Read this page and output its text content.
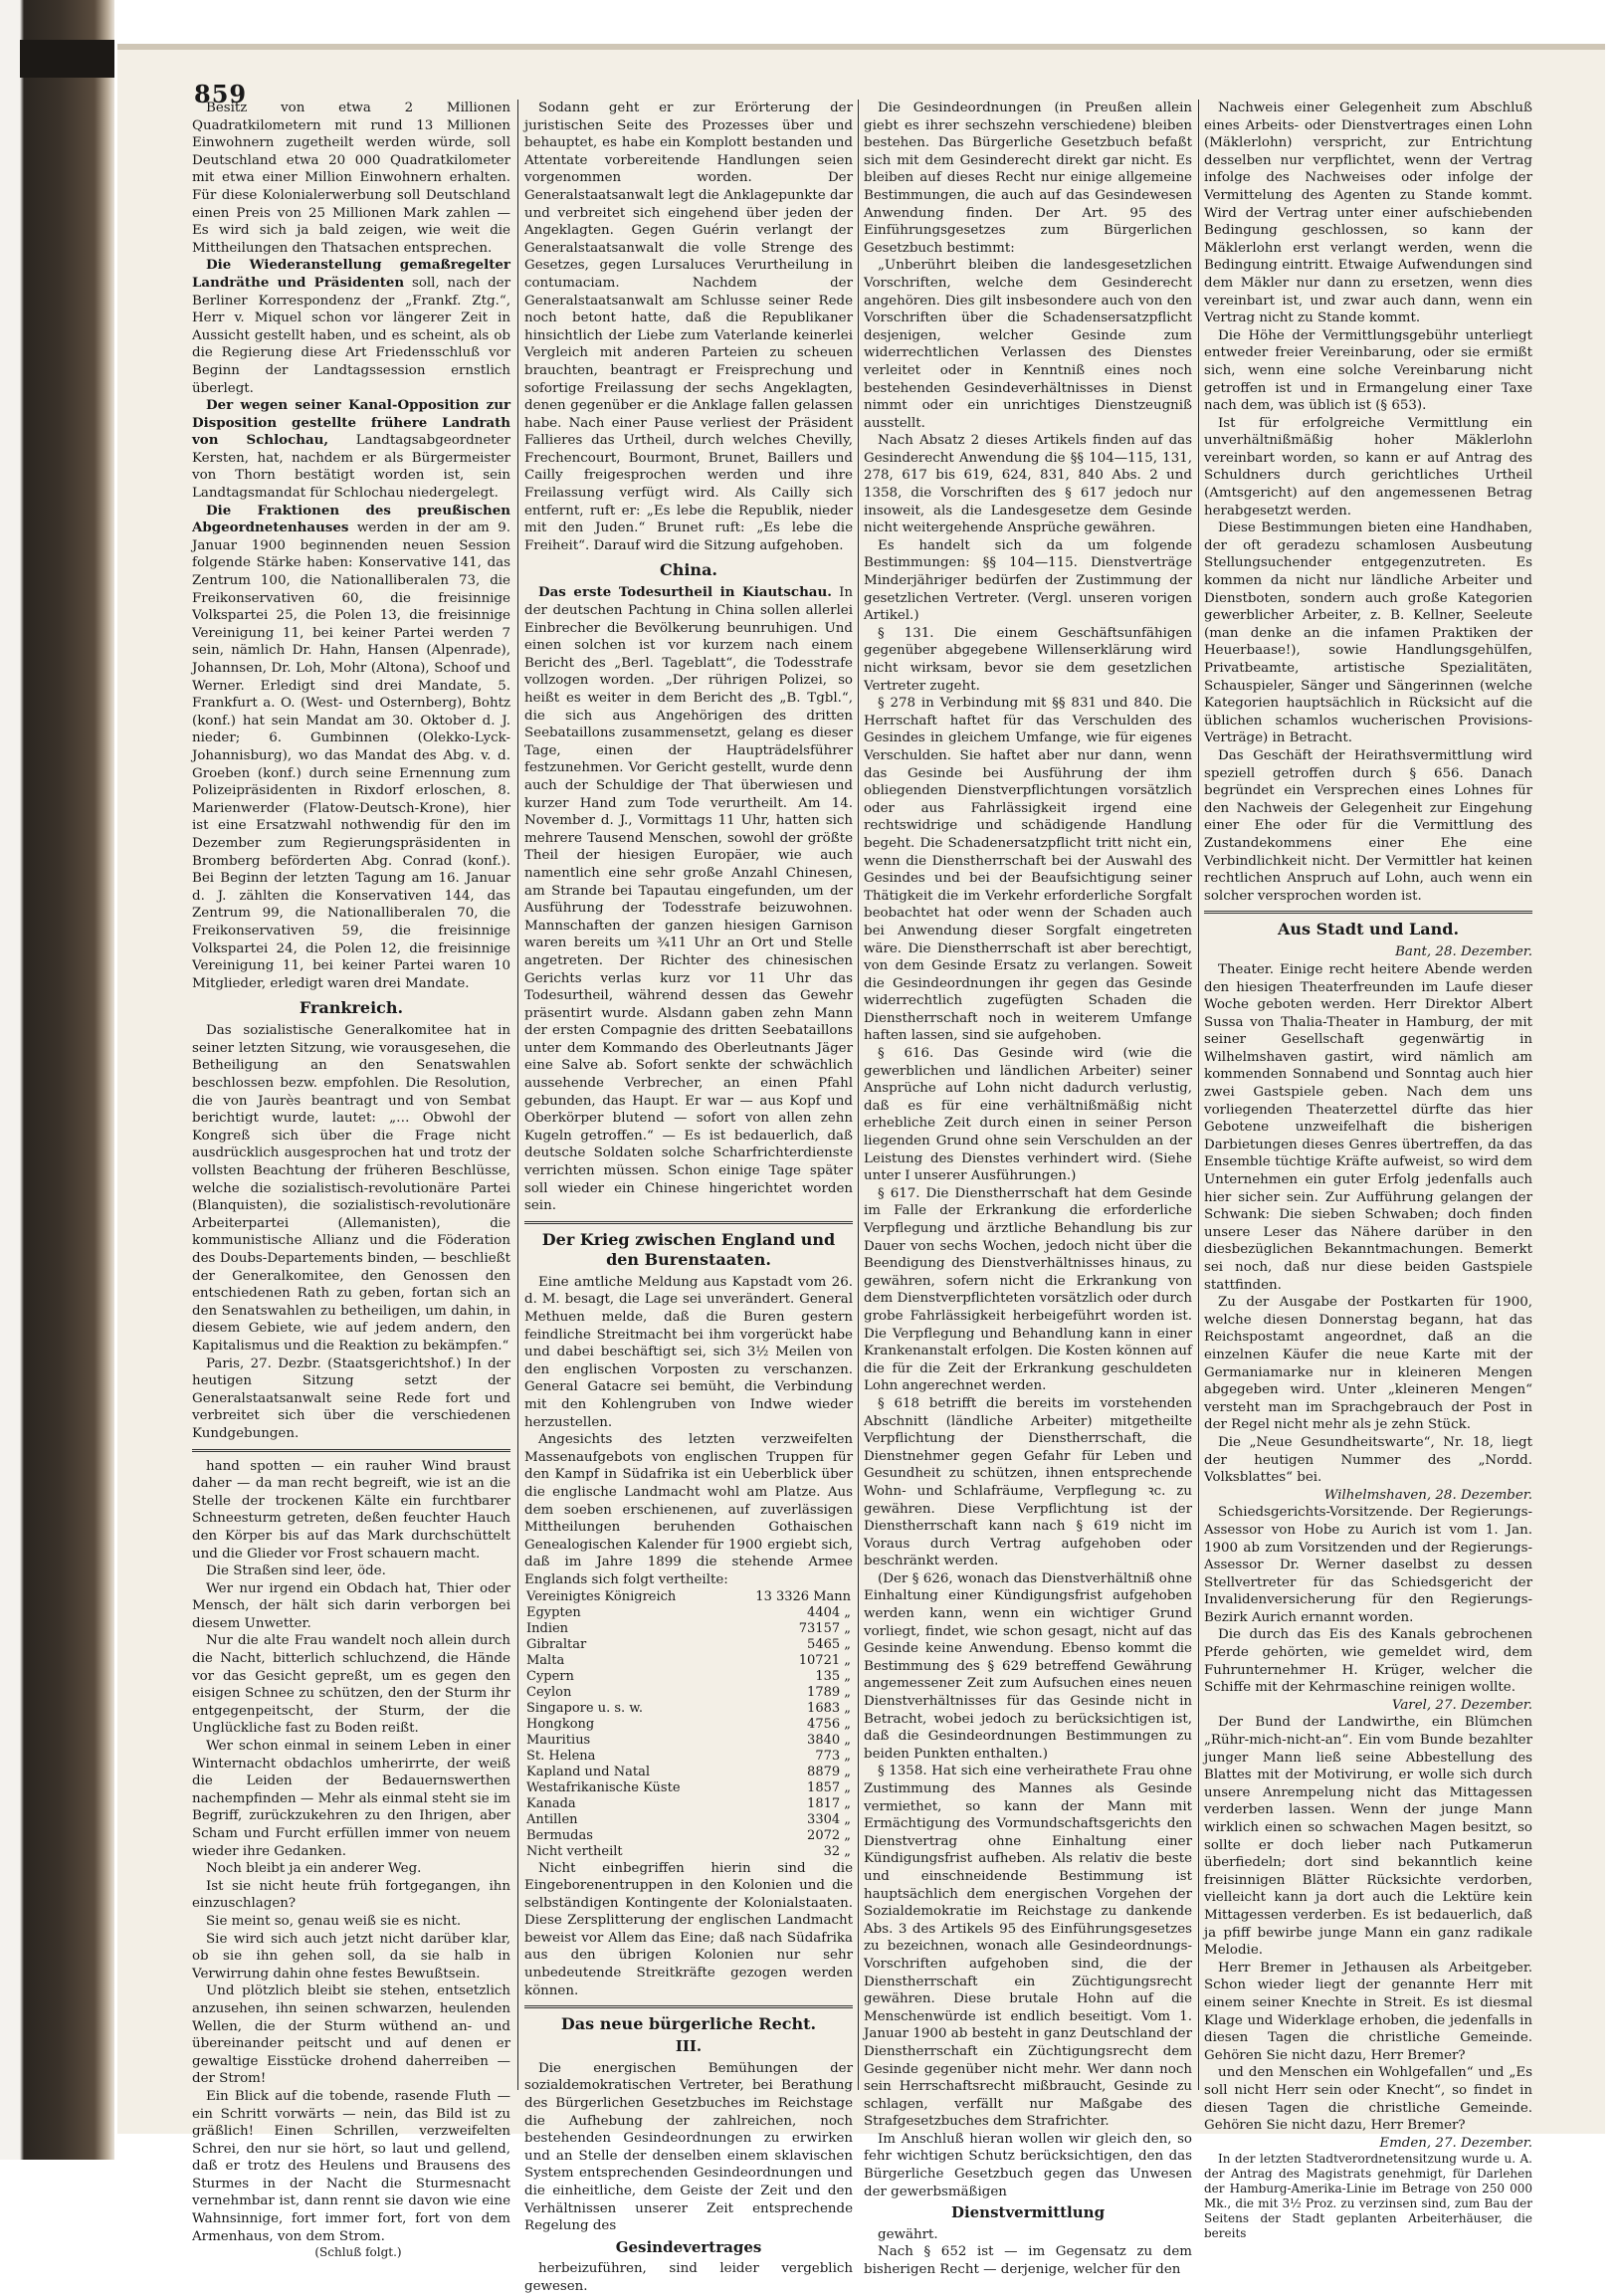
859

Besitz von etwa 2 Millionen Quadratkilometern mit rund 13 Millionen Einwohnern zugetheilt werden würde, soll Deutschland etwa 20 000 Quadratkilometer mit etwa einer Million Einwohnern erhalten. Für diese Kolonialerwerbung soll Deutschland einen Preis von 25 Millionen Mark zahlen — Es wird sich ja bald zeigen, wie weit die Mittheilungen den Thatsachen entsprechen.

Die Wiederanstellung gemaßregelter Landräthe und Präsidenten soll, nach der Berliner Korrespondenz der „Frankf. Ztg.“, Herr v. Miquel schon vor längerer Zeit in Aussicht gestellt haben, und es scheint, als ob die Regierung diese Art Friedensschluß vor Beginn der Landtagssession ernstlich überlegt.

Der wegen seiner Kanal-Opposition zur Disposition gestellte frühere Landrath von Schlochau, Landtagsabgeordneter Kersten, hat, nachdem er als Bürgermeister von Thorn bestätigt worden ist, sein Landtagsmandat für Schlochau niedergelegt.

Die Fraktionen des preußischen Abgeordnetenhauses werden in der am 9. Januar 1900 beginnenden neuen Session folgende Stärke haben: Konservative 141, das Zentrum 100, die Nationalliberalen 73, die Freikonservativen 60, die freisinnige Volkspartei 25, die Polen 13, die freisinnige Vereinigung 11, bei keiner Partei werden 7 sein, nämlich Dr. Hahn, Hansen (Alpenrade), Johannsen, Dr. Loh, Mohr (Altona), Schoof und Werner. Erledigt sind drei Mandate, 5. Frankfurt a. O. (West- und Osternberg), Bohtz (konf.) hat sein Mandat am 30. Oktober d. J. nieder; 6. Gumbinnen (Olekko-Lyck-Johannisburg), wo das Mandat des Abg. v. d. Groeben (konf.) durch seine Ernennung zum Polizeipräsidenten in Rixdorf erloschen, 8. Marienwerder (Flatow-Deutsch-Krone), hier ist eine Ersatzwahl nothwendig für den im Dezember zum Regierungspräsidenten in Bromberg beförderten Abg. Conrad (konf.). Bei Beginn der letzten Tagung am 16. Januar d. J. zählten die Konservativen 144, das Zentrum 99, die Nationalliberalen 70, die Freikonservativen 59, die freisinnige Volkspartei 24, die Polen 12, die freisinnige Vereinigung 11, bei keiner Partei waren 10 Mitglieder, erledigt waren drei Mandate.

Frankreich.

Das sozialistische Generalkomitee hat in seiner letzten Sitzung, wie vorausgesehen, die Betheiligung an den Senatswahlen beschlossen bezw. empfohlen. Die Resolution, die von Jaurès beantragt und von Sembat berichtigt wurde, lautet: „… Obwohl der Kongreß sich über die Frage nicht ausdrücklich ausgesprochen hat und trotz der vollsten Beachtung der früheren Beschlüsse, welche die sozialistisch-revolutionäre Partei (Blanquisten), die sozialistisch-revolutionäre Arbeiterpartei (Allemanisten), die kommunistische Allianz und die Föderation des Doubs-Departements binden, — beschließt der Generalkomitee, den Genossen den entschiedenen Rath zu geben, fortan sich an den Senatswahlen zu betheiligen, um dahin, in diesem Gebiete, wie auf jedem andern, den Kapitalismus und die Reaktion zu bekämpfen.“

Paris, 27. Dezbr. (Staatsgerichtshof.) In der heutigen Sitzung setzt der Generalstaatsanwalt seine Rede fort und verbreitet sich über die verschiedenen Kundgebungen.

hand spotten — ein rauher Wind braust daher — da man recht begreift, wie ist an die Stelle der trockenen Kälte ein furchtbarer Schneesturm getreten, deßen feuchter Hauch den Körper bis auf das Mark durchschüttelt und die Glieder vor Frost schauern macht.

Die Straßen sind leer, öde.

Wer nur irgend ein Obdach hat, Thier oder Mensch, der hält sich darin verborgen bei diesem Unwetter.

Nur die alte Frau wandelt noch allein durch die Nacht, bitterlich schluchzend, die Hände vor das Gesicht gepreßt, um es gegen den eisigen Schnee zu schützen, den der Sturm ihr entgegenpeitscht, der Sturm, der die Unglückliche fast zu Boden reißt.

Wer schon einmal in seinem Leben in einer Winternacht obdachlos umherirrte, der weiß die Leiden der Bedauernswerthen nachempfinden — Mehr als einmal steht sie im Begriff, zurückzukehren zu den Ihrigen, aber Scham und Furcht erfüllen immer von neuem wieder ihre Gedanken.

Noch bleibt ja ein anderer Weg.

Ist sie nicht heute früh fortgegangen, ihn einzuschlagen?

Sie meint so, genau weiß sie es nicht.

Sie wird sich auch jetzt nicht darüber klar, ob sie ihn gehen soll, da sie halb in Verwirrung dahin ohne festes Bewußtsein.

Und plötzlich bleibt sie stehen, entsetzlich anzusehen, ihn seinen schwarzen, heulenden Wellen, die der Sturm wüthend an- und übereinander peitscht und auf denen er gewaltige Eisstücke drohend daherreiben — der Strom!

Ein Blick auf die tobende, rasende Fluth — ein Schritt vorwärts — nein, das Bild ist zu gräßlich! Einen Schrillen, verzweifelten Schrei, den nur sie hört, so laut und gellend, daß er trotz des Heulens und Brausens des Sturmes in der Nacht die Sturmesnacht vernehmbar ist, dann rennt sie davon wie eine Wahnsinnige, fort immer fort, fort von dem Armenhaus, von dem Strom.

(Schluß folgt.)

Sodann geht er zur Erörterung der juristischen Seite des Prozesses über und behauptet, es habe ein Komplott bestanden und Attentate vorbereitende Handlungen seien vorgenommen worden. Der Generalstaatsanwalt legt die Anklagepunkte dar und verbreitet sich eingehend über jeden der Angeklagten. Gegen Guérin verlangt der Generalstaatsanwalt die volle Strenge des Gesetzes, gegen Lursaluces Verurtheilung in contumaciam. Nachdem der Generalstaatsanwalt am Schlusse seiner Rede noch betont hatte, daß die Republikaner hinsichtlich der Liebe zum Vaterlande keinerlei Vergleich mit anderen Parteien zu scheuen brauchten, beantragt er Freisprechung und sofortige Freilassung der sechs Angeklagten, denen gegenüber er die Anklage fallen gelassen habe. Nach einer Pause verliest der Präsident Fallieres das Urtheil, durch welches Chevilly, Frechencourt, Bourmont, Brunet, Baillers und Cailly freigesprochen werden und ihre Freilassung verfügt wird. Als Cailly sich entfernt, ruft er: „Es lebe die Republik, nieder mit den Juden.“ Brunet ruft: „Es lebe die Freiheit“. Darauf wird die Sitzung aufgehoben.

China.

Das erste Todesurtheil in Kiautschau. In der deutschen Pachtung in China sollen allerlei Einbrecher die Bevölkerung beunruhigen. Und einen solchen ist vor kurzem nach einem Bericht des „Berl. Tageblatt“, die Todesstrafe vollzogen worden. „Der rührigen Polizei, so heißt es weiter in dem Bericht des „B. Tgbl.“, die sich aus Angehörigen des dritten Seebataillons zusammensetzt, gelang es dieser Tage, einen der Haupträdelsführer festzunehmen. Vor Gericht gestellt, wurde denn auch der Schuldige der That überwiesen und kurzer Hand zum Tode verurtheilt. Am 14. November d. J., Vormittags 11 Uhr, hatten sich mehrere Tausend Menschen, sowohl der größte Theil der hiesigen Europäer, wie auch namentlich eine sehr große Anzahl Chinesen, am Strande bei Tapautau eingefunden, um der Ausführung der Todesstrafe beizuwohnen. Mannschaften der ganzen hiesigen Garnison waren bereits um ¾11 Uhr an Ort und Stelle angetreten. Der Richter des chinesischen Gerichts verlas kurz vor 11 Uhr das Todesurtheil, während dessen das Gewehr präsentirt wurde. Alsdann gaben zehn Mann der ersten Compagnie des dritten Seebataillons unter dem Kommando des Oberleutnants Jäger eine Salve ab. Sofort senkte der schwächlich aussehende Verbrecher, an einen Pfahl gebunden, das Haupt. Er war — aus Kopf und Oberkörper blutend — sofort von allen zehn Kugeln getroffen.“ — Es ist bedauerlich, daß deutsche Soldaten solche Scharfrichterdienste verrichten müssen. Schon einige Tage später soll wieder ein Chinese hingerichtet worden sein.

Der Krieg zwischen England und den Burenstaaten.

Eine amtliche Meldung aus Kapstadt vom 26. d. M. besagt, die Lage sei unverändert. General Methuen melde, daß die Buren gestern feindliche Streitmacht bei ihm vorgerückt habe und dabei beschäftigt sei, sich 3½ Meilen von den englischen Vorposten zu verschanzen. General Gatacre sei bemüht, die Verbindung mit den Kohlengruben von Indwe wieder herzustellen.

Angesichts des letzten verzweifelten Massenaufgebots von englischen Truppen für den Kampf in Südafrika ist ein Ueberblick über die englische Landmacht wohl am Platze. Aus dem soeben erschienenen, auf zuverlässigen Mittheilungen beruhenden Gothaischen Genealogischen Kalender für 1900 ergiebt sich, daß im Jahre 1899 die stehende Armee Englands sich folgt vertheilte:

Vereinigtes Königreich	13 3326 Mann
Egypten	4404 „
Indien	73157 „
Gibraltar	5465 „
Malta	10721 „
Cypern	135 „
Ceylon	1789 „
Singapore u. s. w.	1683 „
Hongkong	4756 „
Mauritius	3840 „
St. Helena	773 „
Kapland und Natal	8879 „
Westafrikanische Küste	1857 „
Kanada	1817 „
Antillen	3304 „
Bermudas	2072 „
Nicht vertheilt	32 „

Nicht einbegriffen hierin sind die Eingeborenentruppen in den Kolonien und die selbständigen Kontingente der Kolonialstaaten. Diese Zersplitterung der englischen Landmacht beweist vor Allem das Eine; daß nach Südafrika aus den übrigen Kolonien nur sehr unbedeutende Streitkräfte gezogen werden können.

Das neue bürgerliche Recht.
III.

Die energischen Bemühungen der sozialdemokratischen Vertreter, bei Berathung des Bürgerlichen Gesetzbuches im Reichstage die Aufhebung der zahlreichen, noch bestehenden Gesindeordnungen zu erwirken und an Stelle der denselben einem sklavischen System entsprechenden Gesindeordnungen und die einheitliche, dem Geiste der Zeit und den Verhältnissen unserer Zeit entsprechende Regelung des

Gesindevertrages

herbeizuführen, sind leider vergeblich gewesen.

Die Gesindeordnungen (in Preußen allein giebt es ihrer sechszehn verschiedene) bleiben bestehen. Das Bürgerliche Gesetzbuch befaßt sich mit dem Gesinderecht direkt gar nicht. Es bleiben auf dieses Recht nur einige allgemeine Bestimmungen, die auch auf das Gesindewesen Anwendung finden. Der Art. 95 des Einführungsgesetzes zum Bürgerlichen Gesetzbuch bestimmt:

„Unberührt bleiben die landesgesetzlichen Vorschriften, welche dem Gesinderecht angehören. Dies gilt insbesondere auch von den Vorschriften über die Schadensersatzpflicht desjenigen, welcher Gesinde zum widerrechtlichen Verlassen des Dienstes verleitet oder in Kenntniß eines noch bestehenden Gesindeverhältnisses in Dienst nimmt oder ein unrichtiges Dienstzeugniß ausstellt.

Nach Absatz 2 dieses Artikels finden auf das Gesinderecht Anwendung die §§ 104—115, 131, 278, 617 bis 619, 624, 831, 840 Abs. 2 und 1358, die Vorschriften des § 617 jedoch nur insoweit, als die Landesgesetze dem Gesinde nicht weitergehende Ansprüche gewähren.

Es handelt sich da um folgende Bestimmungen: §§ 104—115. Dienstverträge Minderjähriger bedürfen der Zustimmung der gesetzlichen Vertreter. (Vergl. unseren vorigen Artikel.)

§ 131. Die einem Geschäftsunfähigen gegenüber abgegebene Willenserklärung wird nicht wirksam, bevor sie dem gesetzlichen Vertreter zugeht.

§ 278 in Verbindung mit §§ 831 und 840. Die Herrschaft haftet für das Verschulden des Gesindes in gleichem Umfange, wie für eigenes Verschulden. Sie haftet aber nur dann, wenn das Gesinde bei Ausführung der ihm obliegenden Dienstverpflichtungen vorsätzlich oder aus Fahrlässigkeit irgend eine rechtswidrige und schädigende Handlung begeht. Die Schadenersatzpflicht tritt nicht ein, wenn die Dienstherrschaft bei der Auswahl des Gesindes und bei der Beaufsichtigung seiner Thätigkeit die im Verkehr erforderliche Sorgfalt beobachtet hat oder wenn der Schaden auch bei Anwendung dieser Sorgfalt eingetreten wäre. Die Dienstherrschaft ist aber berechtigt, von dem Gesinde Ersatz zu verlangen. Soweit die Gesindeordnungen ihr gegen das Gesinde widerrechtlich zugefügten Schaden die Dienstherrschaft noch in weiterem Umfange haften lassen, sind sie aufgehoben.

§ 616. Das Gesinde wird (wie die gewerblichen und ländlichen Arbeiter) seiner Ansprüche auf Lohn nicht dadurch verlustig, daß es für eine verhältnißmäßig nicht erhebliche Zeit durch einen in seiner Person liegenden Grund ohne sein Verschulden an der Leistung des Dienstes verhindert wird. (Siehe unter I unserer Ausführungen.)

§ 617. Die Dienstherrschaft hat dem Gesinde im Falle der Erkrankung die erforderliche Verpflegung und ärztliche Behandlung bis zur Dauer von sechs Wochen, jedoch nicht über die Beendigung des Dienstverhältnisses hinaus, zu gewähren, sofern nicht die Erkrankung von dem Dienstverpflichteten vorsätzlich oder durch grobe Fahrlässigkeit herbeigeführt worden ist. Die Verpflegung und Behandlung kann in einer Krankenanstalt erfolgen. Die Kosten können auf die für die Zeit der Erkrankung geschuldeten Lohn angerechnet werden.

§ 618 betrifft die bereits im vorstehenden Abschnitt (ländliche Arbeiter) mitgetheilte Verpflichtung der Dienstherrschaft, die Dienstnehmer gegen Gefahr für Leben und Gesundheit zu schützen, ihnen entsprechende Wohn- und Schlafräume, Verpflegung ꝛc. zu gewähren. Diese Verpflichtung ist der Dienstherrschaft kann nach § 619 nicht im Voraus durch Vertrag aufgehoben oder beschränkt werden.

(Der § 626, wonach das Dienstverhältniß ohne Einhaltung einer Kündigungsfrist aufgehoben werden kann, wenn ein wichtiger Grund vorliegt, findet, wie schon gesagt, nicht auf das Gesinde keine Anwendung. Ebenso kommt die Bestimmung des § 629 betreffend Gewährung angemessener Zeit zum Aufsuchen eines neuen Dienstverhältnisses für das Gesinde nicht in Betracht, wobei jedoch zu berücksichtigen ist, daß die Gesindeordnungen Bestimmungen zu beiden Punkten enthalten.)

§ 1358. Hat sich eine verheirathete Frau ohne Zustimmung des Mannes als Gesinde vermiethet, so kann der Mann mit Ermächtigung des Vormundschaftsgerichts den Dienstvertrag ohne Einhaltung einer Kündigungsfrist aufheben. Als relativ die beste und einschneidende Bestimmung ist hauptsächlich dem energischen Vorgehen der Sozialdemokratie im Reichstage zu dankende Abs. 3 des Artikels 95 des Einführungsgesetzes zu bezeichnen, wonach alle Gesindeordnungs-Vorschriften aufgehoben sind, die der Dienstherrschaft ein Züchtigungsrecht gewähren. Diese brutale Hohn auf die Menschenwürde ist endlich beseitigt. Vom 1. Januar 1900 ab besteht in ganz Deutschland der Dienstherrschaft ein Züchtigungsrecht dem Gesinde gegenüber nicht mehr. Wer dann noch sein Herrschaftsrecht mißbraucht, Gesinde zu schlagen, verfällt nur Maßgabe des Strafgesetzbuches dem Strafrichter.

Im Anschluß hieran wollen wir gleich den, so fehr wichtigen Schutz berücksichtigen, den das Bürgerliche Gesetzbuch gegen das Unwesen der gewerbsmäßigen

Dienstvermittlung

gewährt.

Nach § 652 ist — im Gegensatz zu dem bisherigen Recht — derjenige, welcher für den

Nachweis einer Gelegenheit zum Abschluß eines Arbeits- oder Dienstvertrages einen Lohn (Mäklerlohn) verspricht, zur Entrichtung desselben nur verpflichtet, wenn der Vertrag infolge des Nachweises oder infolge der Vermittelung des Agenten zu Stande kommt. Wird der Vertrag unter einer aufschiebenden Bedingung geschlossen, so kann der Mäklerlohn erst verlangt werden, wenn die Bedingung eintritt. Etwaige Aufwendungen sind dem Mäkler nur dann zu ersetzen, wenn dies vereinbart ist, und zwar auch dann, wenn ein Vertrag nicht zu Stande kommt.

Die Höhe der Vermittlungsgebühr unterliegt entweder freier Vereinbarung, oder sie ermißt sich, wenn eine solche Vereinbarung nicht getroffen ist und in Ermangelung einer Taxe nach dem, was üblich ist (§ 653).

Ist für erfolgreiche Vermittlung ein unverhältnißmäßig hoher Mäklerlohn vereinbart worden, so kann er auf Antrag des Schuldners durch gerichtliches Urtheil (Amtsgericht) auf den angemessenen Betrag herabgesetzt werden.

Diese Bestimmungen bieten eine Handhaben, der oft geradezu schamlosen Ausbeutung Stellungsuchender entgegenzutreten. Es kommen da nicht nur ländliche Arbeiter und Dienstboten, sondern auch große Kategorien gewerblicher Arbeiter, z. B. Kellner, Seeleute (man denke an die infamen Praktiken der Heuerbaase!), sowie Handlungsgehülfen, Privatbeamte, artistische Spezialitäten, Schauspieler, Sänger und Sängerinnen (welche Kategorien hauptsächlich in Rücksicht auf die üblichen schamlos wucherischen Provisions-Verträge) in Betracht.

Das Geschäft der Heirathsvermittlung wird speziell getroffen durch § 656. Danach begründet ein Versprechen eines Lohnes für den Nachweis der Gelegenheit zur Eingehung einer Ehe oder für die Vermittlung des Zustandekommens einer Ehe eine Verbindlichkeit nicht. Der Vermittler hat keinen rechtlichen Anspruch auf Lohn, auch wenn ein solcher versprochen worden ist.

Aus Stadt und Land.

Bant, 28. Dezember.

Theater. Einige recht heitere Abende werden den hiesigen Theaterfreunden im Laufe dieser Woche geboten werden. Herr Direktor Albert Sussa von Thalia-Theater in Hamburg, der mit seiner Gesellschaft gegenwärtig in Wilhelmshaven gastirt, wird nämlich am kommenden Sonnabend und Sonntag auch hier zwei Gastspiele geben. Nach dem uns vorliegenden Theaterzettel dürfte das hier Gebotene unzweifelhaft die bisherigen Darbietungen dieses Genres übertreffen, da das Ensemble tüchtige Kräfte aufweist, so wird dem Unternehmen ein guter Erfolg jedenfalls auch hier sicher sein. Zur Aufführung gelangen der Schwank: Die sieben Schwaben; doch finden unsere Leser das Nähere darüber in den diesbezüglichen Bekanntmachungen. Bemerkt sei noch, daß nur diese beiden Gastspiele stattfinden.

Zu der Ausgabe der Postkarten für 1900, welche diesen Donnerstag begann, hat das Reichspostamt angeordnet, daß an die einzelnen Käufer die neue Karte mit der Germaniamarke nur in kleineren Mengen abgegeben wird. Unter „kleineren Mengen“ versteht man im Sprachgebrauch der Post in der Regel nicht mehr als je zehn Stück.

Die „Neue Gesundheitswarte“, Nr. 18, liegt der heutigen Nummer des „Nordd. Volksblattes“ bei.

Wilhelmshaven, 28. Dezember.

Schiedsgerichts-Vorsitzende. Der Regierungs-Assessor von Hobe zu Aurich ist vom 1. Jan. 1900 ab zum Vorsitzenden und der Regierungs-Assessor Dr. Werner daselbst zu dessen Stellvertreter für das Schiedsgericht der Invalidenversicherung für den Regierungs-Bezirk Aurich ernannt worden.

Die durch das Eis des Kanals gebrochenen Pferde gehörten, wie gemeldet wird, dem Fuhrunternehmer H. Krüger, welcher die Schiffe mit der Kehrmaschine reinigen wollte.

Varel, 27. Dezember.

Der Bund der Landwirthe, ein Blümchen „Rühr-mich-nicht-an“. Ein vom Bunde bezahlter junger Mann ließ seine Abbestellung des Blattes mit der Motivirung, er wolle sich durch unsere Anrempelung nicht das Mittagessen verderben lassen. Wenn der junge Mann wirklich einen so schwachen Magen besitzt, so sollte er doch lieber nach Putkamerun überfiedeln; dort sind bekanntlich keine freisinnigen Blätter Rücksichte verdorben, vielleicht kann ja dort auch die Lektüre kein Mittagessen verderben. Es ist bedauerlich, daß ja pfiff bewirbe junge Mann ein ganz radikale Melodie.

Herr Bremer in Jethausen als Arbeitgeber. Schon wieder liegt der genannte Herr mit einem seiner Knechte in Streit. Es ist diesmal Klage und Widerklage erhoben, die jedenfalls in diesen Tagen die christliche Gemeinde. Gehören Sie nicht dazu, Herr Bremer?

und den Menschen ein Wohlgefallen“ und „Es soll nicht Herr sein oder Knecht“, so findet in diesen Tagen die christliche Gemeinde. Gehören Sie nicht dazu, Herr Bremer?

Emden, 27. Dezember.

In der letzten Stadtverordnetensitzung wurde u. A. der Antrag des Magistrats genehmigt, für Darlehen der Hamburg-Amerika-Linie im Betrage von 250 000 Mk., die mit 3½ Proz. zu verzinsen sind, zum Bau der Seitens der Stadt geplanten Arbeiterhäuser, die bereits
